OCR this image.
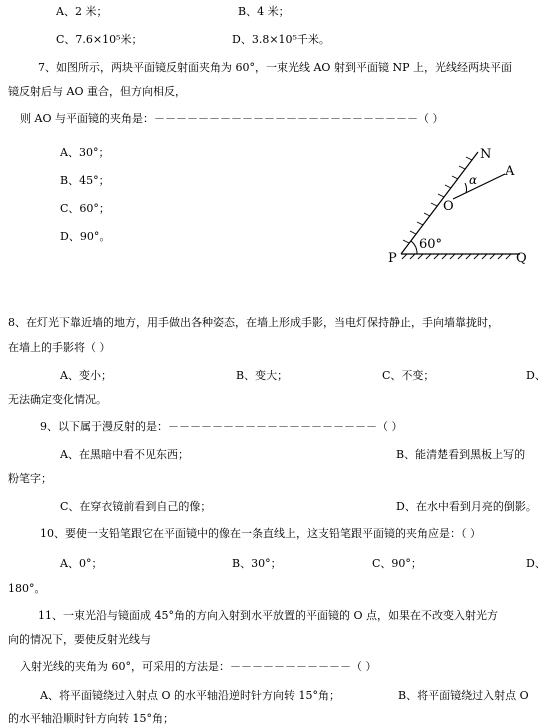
A、2 米；	B、4 米；
C、7.6×10⁵米；	D、3.8×10⁵千米。
7、如图所示，两块平面镜反射面夹角为 60°，一束光线 AO 射到平面镜 NP 上，光线经两块平面
镜反射后与 AO 重合，但方向相反，
则 AO 与平面镜的夹角是：－－－－－－－－－－－－－－－－－－－－－－－－（ ）
A、30°；
B、45°；
C、60°；
D、90°。
N
A
α
O
60°
P	Q
8、在灯光下靠近墙的地方，用手做出各种姿态，在墙上形成手影，当电灯保持静止，手向墙靠拢时，
在墙上的手影将（ ）
A、变小；	B、变大；	C、不变；	D、
无法确定变化情况。
9、以下属于漫反射的是：－－－－－－－－－－－－－－－－－－－（ ）
A、在黑暗中看不见东西；	B、能清楚看到黑板上写的
粉笔字；
C、在穿衣镜前看到自己的像；	D、在水中看到月亮的倒影。
10、要使一支铅笔跟它在平面镜中的像在一条直线上，这支铅笔跟平面镜的夹角应是：（ ）
A、0°；	B、30°；	C、90°；	D、
180°。
11、一束光沿与镜面成 45°角的方向入射到水平放置的平面镜的 O 点，如果在不改变入射光方
向的情况下，要使反射光线与
入射光线的夹角为 60°，可采用的方法是：－－－－－－－－－－－（ ）
A、将平面镜绕过入射点 O 的水平轴沿逆时针方向转 15°角；	B、将平面镜绕过入射点 O
的水平轴沿顺时针方向转 15°角；
